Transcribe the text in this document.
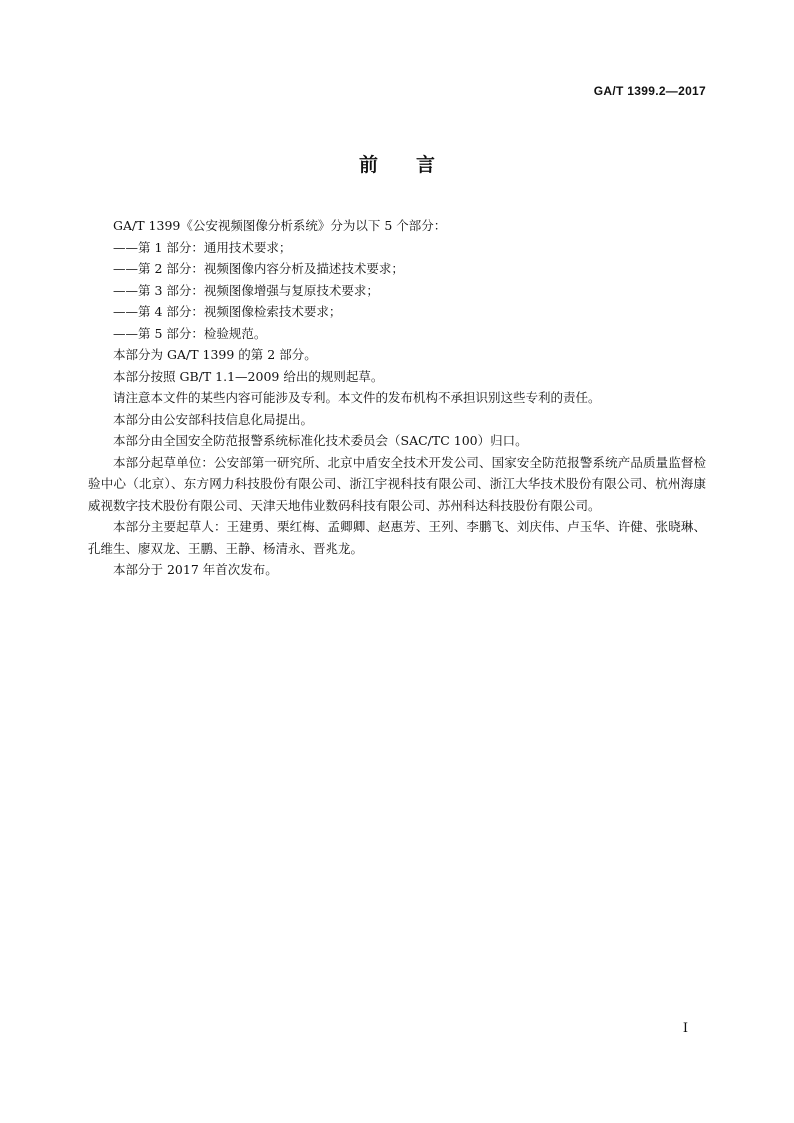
GA/T 1399.2—2017
前言

GA/T 1399《公安视频图像分析系统》分为以下 5 个部分：

——第 1 部分：通用技术要求；

——第 2 部分：视频图像内容分析及描述技术要求；

——第 3 部分：视频图像增强与复原技术要求；

——第 4 部分：视频图像检索技术要求；

——第 5 部分：检验规范。

本部分为 GA/T 1399 的第 2 部分。

本部分按照 GB/T 1.1—2009 给出的规则起草。

请注意本文件的某些内容可能涉及专利。本文件的发布机构不承担识别这些专利的责任。

本部分由公安部科技信息化局提出。

本部分由全国安全防范报警系统标准化技术委员会（SAC/TC 100）归口。

本部分起草单位：公安部第一研究所、北京中盾安全技术开发公司、国家安全防范报警系统产品质量监督检验中心（北京）、东方网力科技股份有限公司、浙江宇视科技有限公司、浙江大华技术股份有限公司、杭州海康威视数字技术股份有限公司、天津天地伟业数码科技有限公司、苏州科达科技股份有限公司。

本部分主要起草人：王建勇、栗红梅、孟卿卿、赵惠芳、王列、李鹏飞、刘庆伟、卢玉华、许健、张晓琳、孔维生、廖双龙、王鹏、王静、杨清永、晋兆龙。

本部分于 2017 年首次发布。

I
